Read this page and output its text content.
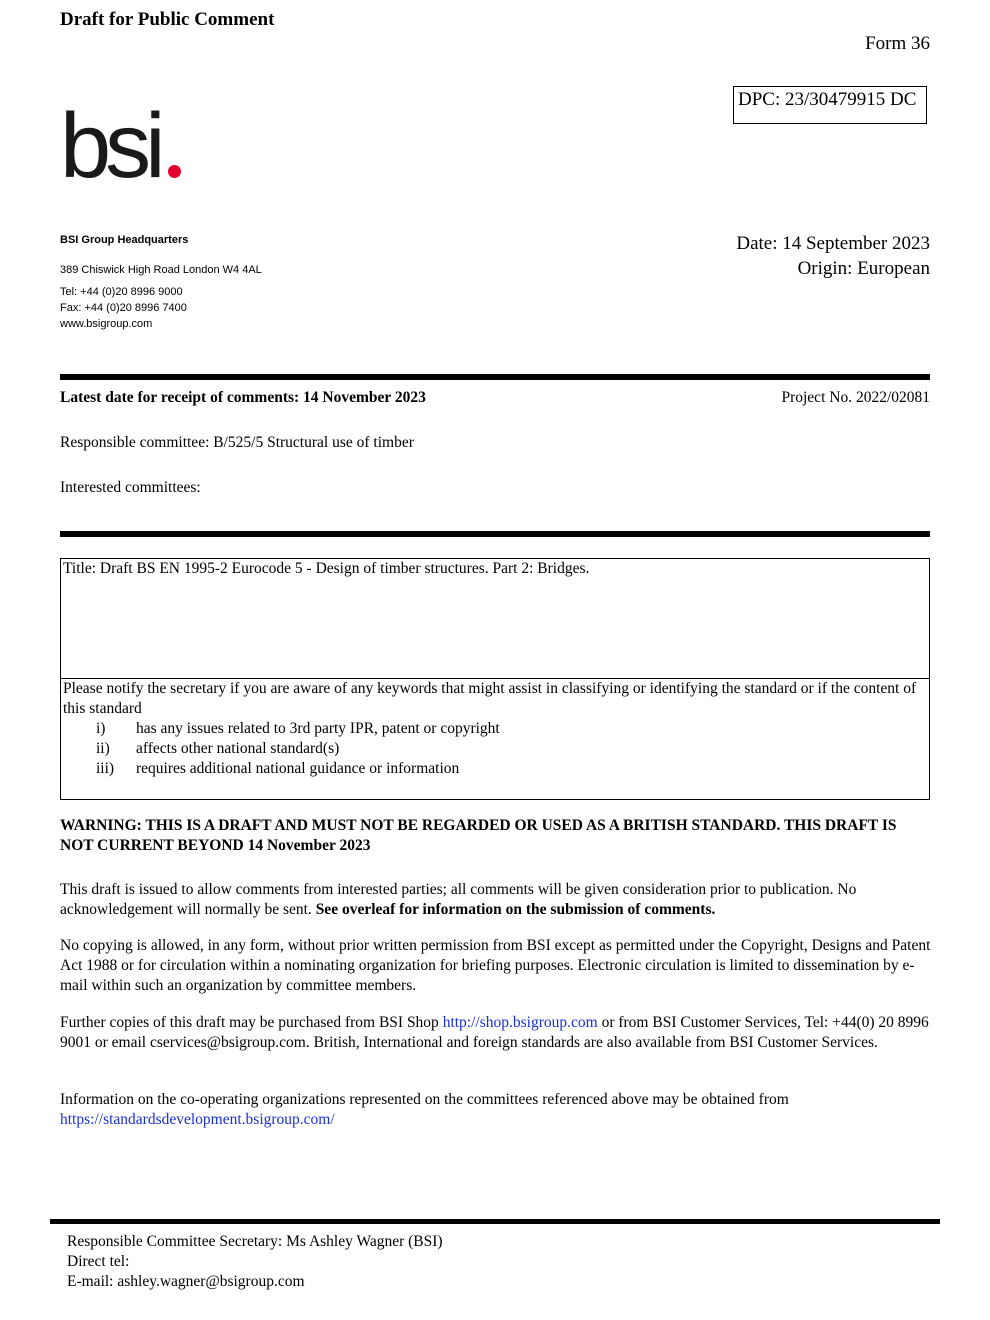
Draft for Public Comment
Form 36
DPC: 23/30479915 DC
bsi
BSI Group Headquarters
389 Chiswick High Road London W4 4AL
Tel: +44 (0)20 8996 9000
Fax: +44 (0)20 8996 7400
www.bsigroup.com
Date: 14 September 2023
Origin: European
Latest date for receipt of comments: 14 November 2023	Project No. 2022/02081
Responsible committee: B/525/5 Structural use of timber
Interested committees:
Title: Draft BS EN 1995-2 Eurocode 5 - Design of timber structures. Part 2: Bridges.
Please notify the secretary if you are aware of any keywords that might assist in classifying or identifying the standard or if the content of this standard
i) has any issues related to 3rd party IPR, patent or copyright
ii) affects other national standard(s)
iii) requires additional national guidance or information
WARNING: THIS IS A DRAFT AND MUST NOT BE REGARDED OR USED AS A BRITISH STANDARD. THIS DRAFT IS NOT CURRENT BEYOND 14 November 2023
This draft is issued to allow comments from interested parties; all comments will be given consideration prior to publication. No acknowledgement will normally be sent. See overleaf for information on the submission of comments.
No copying is allowed, in any form, without prior written permission from BSI except as permitted under the Copyright, Designs and Patent Act 1988 or for circulation within a nominating organization for briefing purposes. Electronic circulation is limited to dissemination by e-mail within such an organization by committee members.
Further copies of this draft may be purchased from BSI Shop http://shop.bsigroup.com or from BSI Customer Services, Tel: +44(0) 20 8996 9001 or email cservices@bsigroup.com. British, International and foreign standards are also available from BSI Customer Services.
Information on the co-operating organizations represented on the committees referenced above may be obtained from https://standardsdevelopment.bsigroup.com/
Responsible Committee Secretary: Ms Ashley Wagner (BSI)
Direct tel:
E-mail: ashley.wagner@bsigroup.com
